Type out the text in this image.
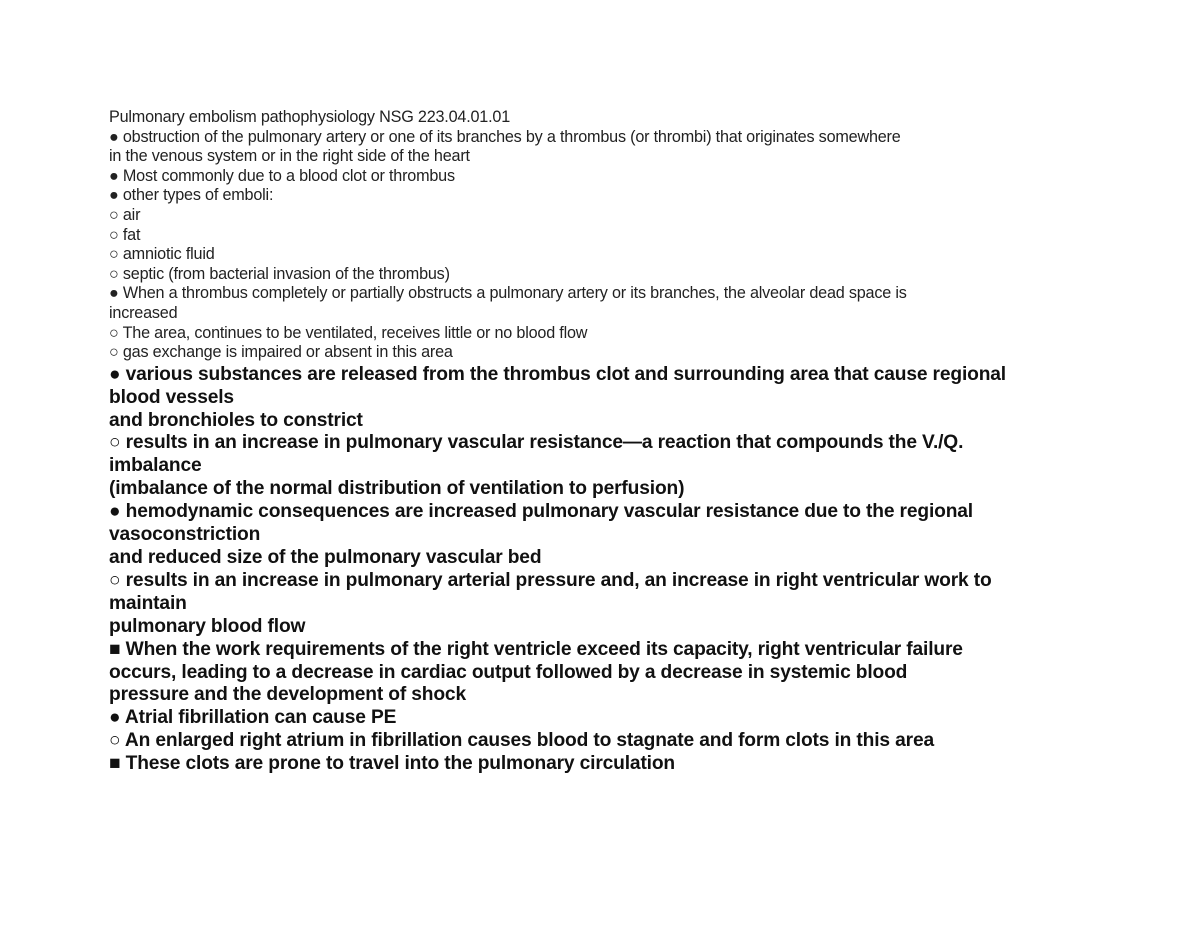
Pulmonary embolism pathophysiology NSG 223.04.01.01
● obstruction of the pulmonary artery or one of its branches by a thrombus (or thrombi) that originates somewhere
in the venous system or in the right side of the heart
● Most commonly due to a blood clot or thrombus
● other types of emboli:
○ air
○ fat
○ amniotic fluid
○ septic (from bacterial invasion of the thrombus)
● When a thrombus completely or partially obstructs a pulmonary artery or its branches, the alveolar dead space is
increased
○ The area, continues to be ventilated, receives little or no blood flow
○ gas exchange is impaired or absent in this area
● various substances are released from the thrombus clot and surrounding area that cause regional
blood vessels
and bronchioles to constrict
○ results in an increase in pulmonary vascular resistance—a reaction that compounds the V./Q.
imbalance
(imbalance of the normal distribution of ventilation to perfusion)
● hemodynamic consequences are increased pulmonary vascular resistance due to the regional
vasoconstriction
and reduced size of the pulmonary vascular bed
○ results in an increase in pulmonary arterial pressure and, an increase in right ventricular work to
maintain
pulmonary blood flow
■ When the work requirements of the right ventricle exceed its capacity, right ventricular failure
occurs, leading to a decrease in cardiac output followed by a decrease in systemic blood
pressure and the development of shock
● Atrial fibrillation can cause PE
○ An enlarged right atrium in fibrillation causes blood to stagnate and form clots in this area
■ These clots are prone to travel into the pulmonary circulation
